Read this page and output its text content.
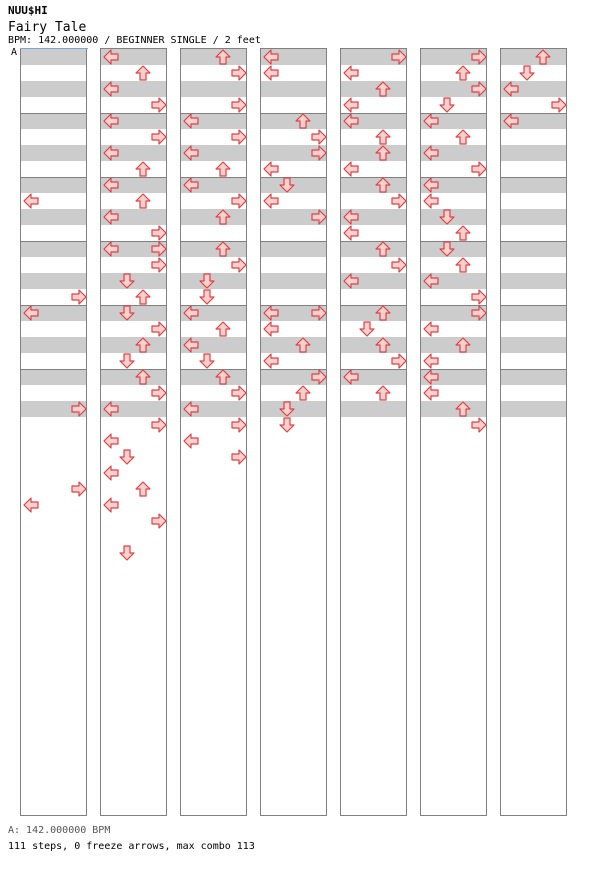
NUU$HI
Fairy Tale
BPM: 142.000000 / BEGINNER SINGLE / 2 feet
A
A: 142.000000 BPM
111 steps, 0 freeze arrows, max combo 113
